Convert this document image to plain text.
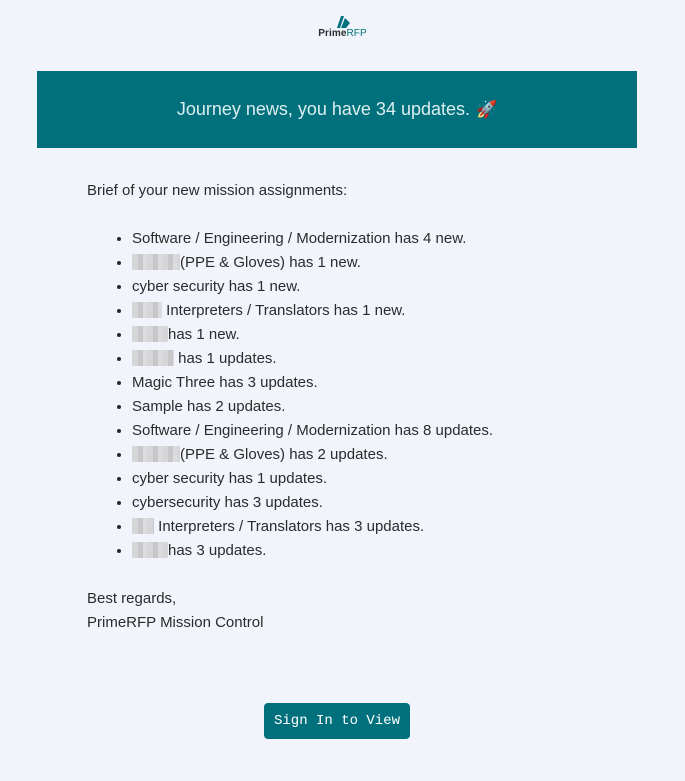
PrimeRFP
Journey news, you have 34 updates. 🚀

Brief of your new mission assignments:

• Software / Engineering / Modernization has 4 new.
• (PPE & Gloves) has 1 new.
• cyber security has 1 new.
• Interpreters / Translators has 1 new.
• has 1 new.
• has 1 updates.
• Magic Three has 3 updates.
• Sample has 2 updates.
• Software / Engineering / Modernization has 8 updates.
• (PPE & Gloves) has 2 updates.
• cyber security has 1 updates.
• cybersecurity has 3 updates.
• Interpreters / Translators has 3 updates.
• has 3 updates.

Best regards,
PrimeRFP Mission Control

Sign In to View
